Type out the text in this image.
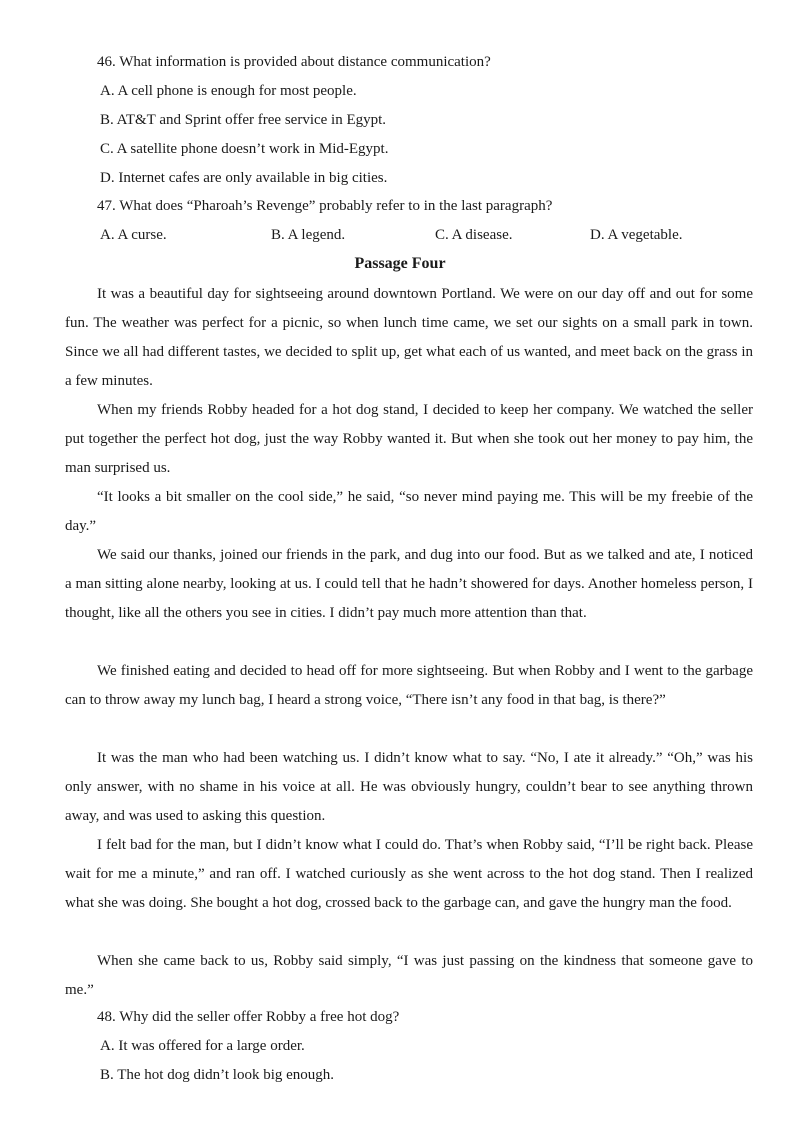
46. What information is provided about distance communication?
A. A cell phone is enough for most people.
B. AT&T and Sprint offer free service in Egypt.
C. A satellite phone doesn’t work in Mid-Egypt.
D. Internet cafes are only available in big cities.
47. What does “Pharoah’s Revenge” probably refer to in the last paragraph?
A. A curse.	B. A legend.	C. A disease.	D. A vegetable.
Passage Four
It was a beautiful day for sightseeing around downtown Portland. We were on our day off and out for some fun. The weather was perfect for a picnic, so when lunch time came, we set our sights on a small park in town. Since we all had different tastes, we decided to split up, get what each of us wanted, and meet back on the grass in a few minutes.
When my friends Robby headed for a hot dog stand, I decided to keep her company. We watched the seller put together the perfect hot dog, just the way Robby wanted it. But when she took out her money to pay him, the man surprised us.
“It looks a bit smaller on the cool side,” he said, “so never mind paying me. This will be my freebie of the day.”
We said our thanks, joined our friends in the park, and dug into our food. But as we talked and ate, I noticed a man sitting alone nearby, looking at us. I could tell that he hadn’t showered for days. Another homeless person, I thought, like all the others you see in cities. I didn’t pay much more attention than that.
We finished eating and decided to head off for more sightseeing. But when Robby and I went to the garbage can to throw away my lunch bag, I heard a strong voice, “There isn’t any food in that bag, is there?”
It was the man who had been watching us. I didn’t know what to say. “No, I ate it already.” “Oh,” was his only answer, with no shame in his voice at all. He was obviously hungry, couldn’t bear to see anything thrown away, and was used to asking this question.
I felt bad for the man, but I didn’t know what I could do. That’s when Robby said, “I’ll be right back. Please wait for me a minute,” and ran off. I watched curiously as she went across to the hot dog stand. Then I realized what she was doing. She bought a hot dog, crossed back to the garbage can, and gave the hungry man the food.
When she came back to us, Robby said simply, “I was just passing on the kindness that someone gave to me.”
48. Why did the seller offer Robby a free hot dog?
A. It was offered for a large order.
B. The hot dog didn’t look big enough.
